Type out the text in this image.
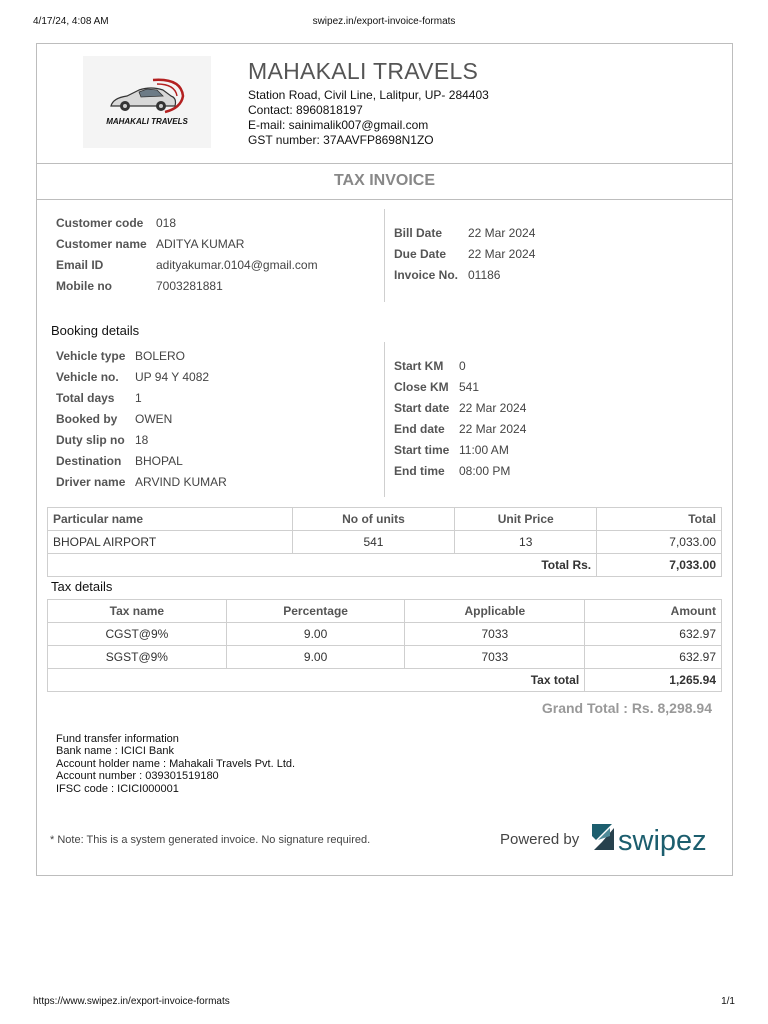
4/17/24, 4:08 AM	swipez.in/export-invoice-formats
MAHAKALI TRAVELS
MAHAKALI TRAVELS
Station Road, Civil Line, Lalitpur, UP- 284403
Contact: 8960818197
E-mail: sainimalik007@gmail.com
GST number: 37AAVFP8698N1ZO
TAX INVOICE
Customer code 018
Customer name ADITYA KUMAR
Email ID	adityakumar.0104@gmail.com
Mobile no	7003281881
Bill Date 22 Mar 2024
Due Date 22 Mar 2024
Invoice No. 01186
Booking details
Vehicle type BOLERO
Vehicle no. UP 94 Y 4082
Total days 1
Booked by OWEN
Duty slip no 18
Destination BHOPAL
Driver name ARVIND KUMAR
Start KM 0
Close KM 541
Start date 22 Mar 2024
End date 22 Mar 2024
Start time 11:00 AM
End time 08:00 PM
Particular name	No of units	Unit Price	Total
BHOPAL AIRPORT	541	13	7,033.00
Total Rs.			7,033.00
Tax details
Tax name	Percentage	Applicable	Amount
CGST@9%	9.00	7033	632.97
SGST@9%	9.00	7033	632.97
Tax total			1,265.94
Grand Total : Rs. 8,298.94
Fund transfer information
Bank name : ICICI Bank
Account holder name : Mahakali Travels Pvt. Ltd.
Account number : 039301519180
IFSC code : ICICI000001
* Note: This is a system generated invoice. No signature required.	Powered by swipez
https://www.swipez.in/export-invoice-formats	1/1
